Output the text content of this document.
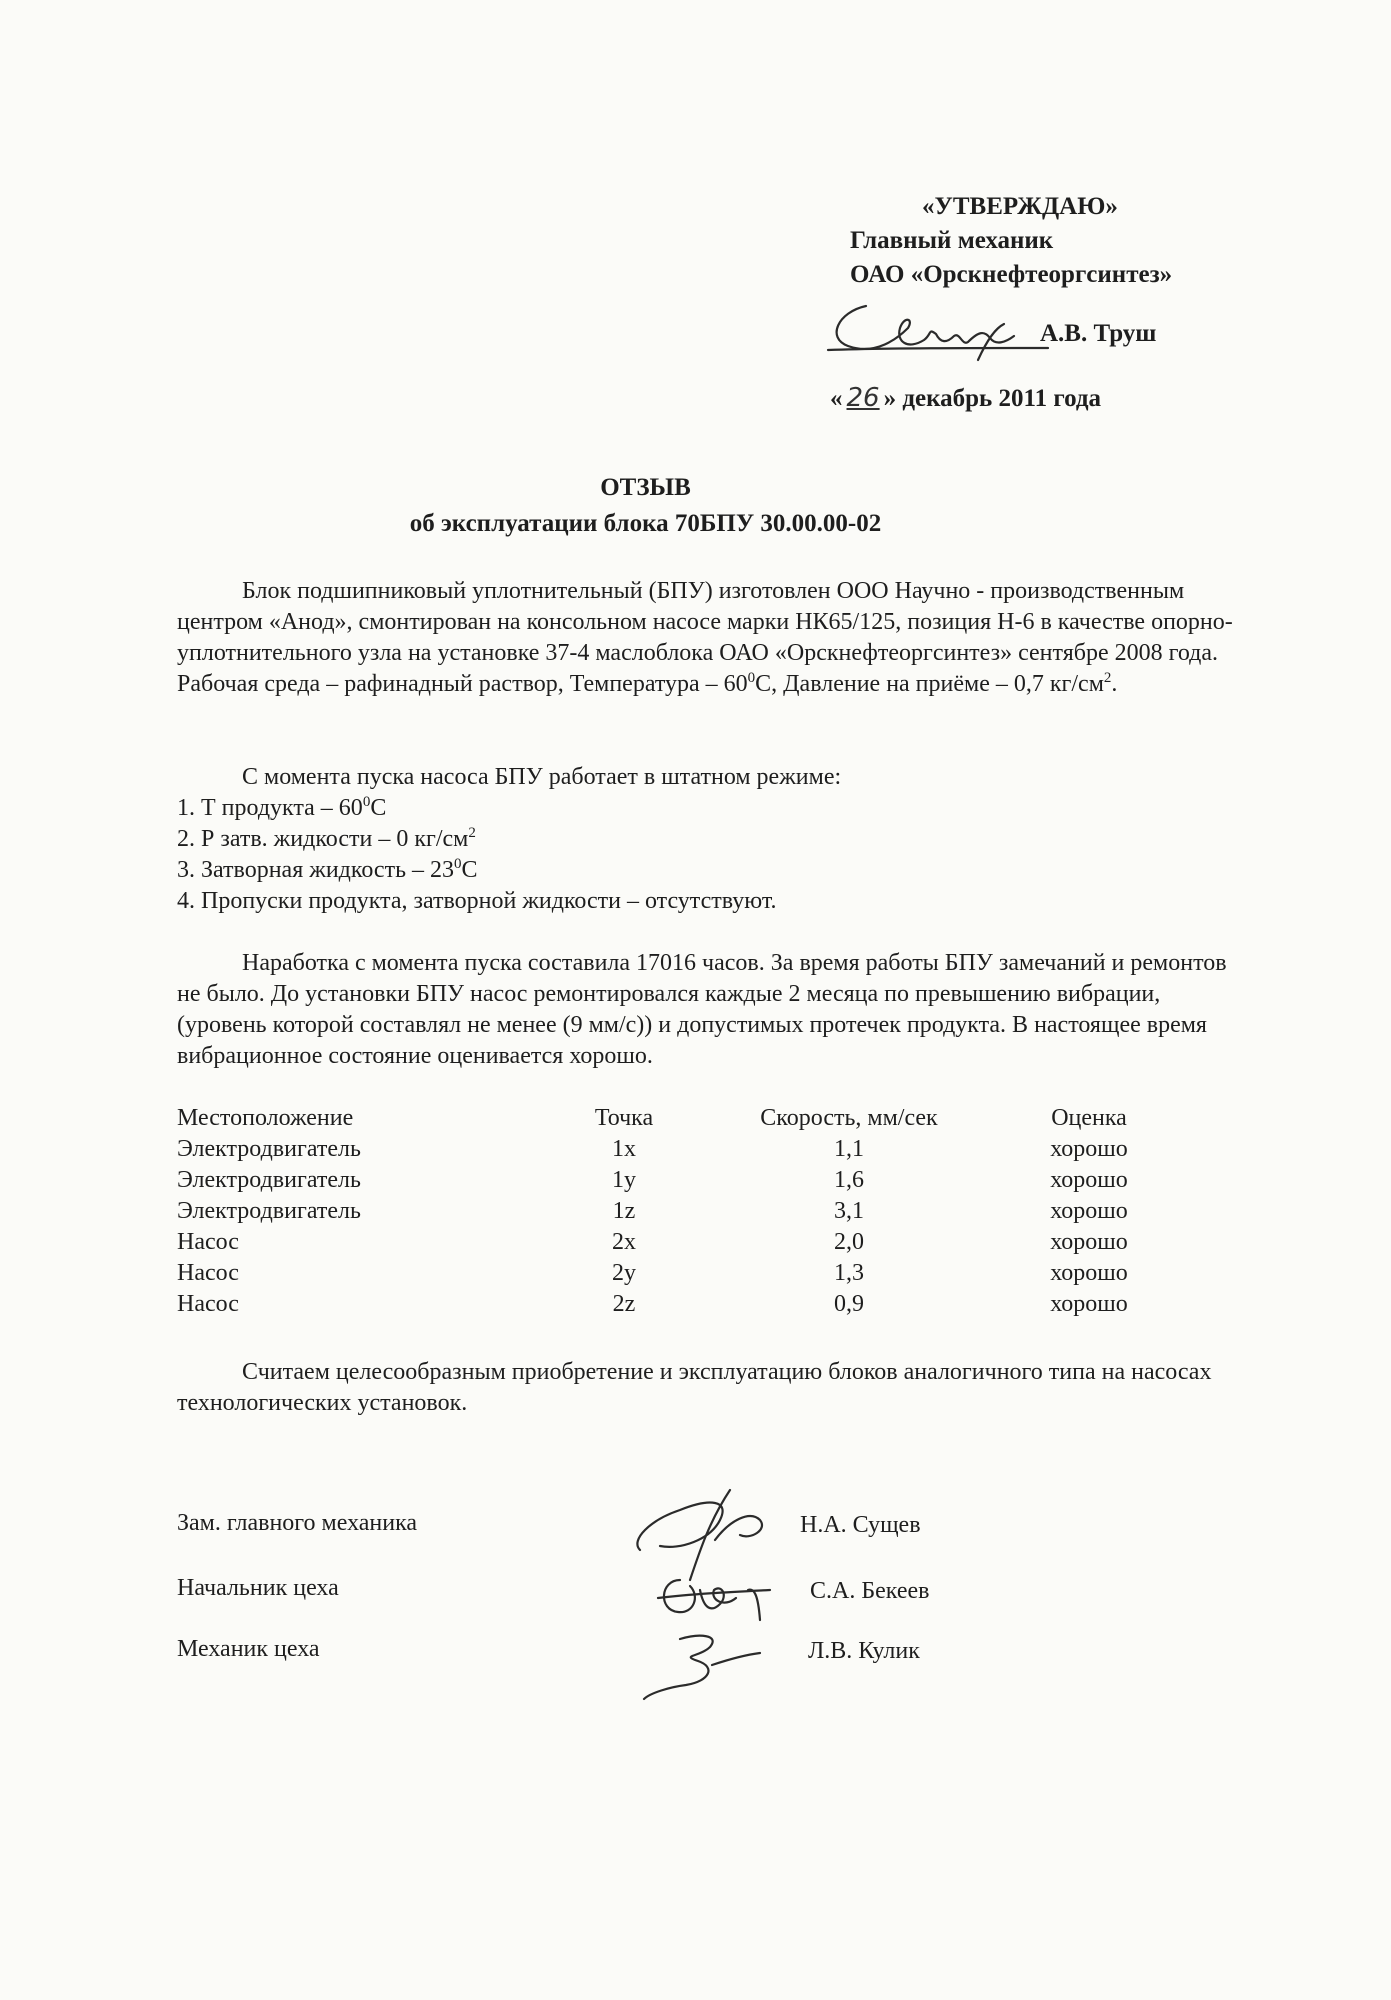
«УТВЕРЖДАЮ»
Главный механик
ОАО «Орскнефтеоргсинтез»
А.В. Труш
« 26 » декабрь 2011 года
ОТЗЫВ
об эксплуатации блока 70БПУ 30.00.00-02
Блок подшипниковый уплотнительный (БПУ) изготовлен ООО Научно - производственным центром «Анод», смонтирован на консольном насосе марки НК65/125, позиция Н-6 в качестве опорно-уплотнительного узла на установке 37-4 маслоблока ОАО «Орскнефтеоргсинтез» сентябре 2008 года. Рабочая среда – рафинадный раствор, Температура – $60^0С$, Давление на приёме – 0,7 $кг/см^2$.
С момента пуска насоса БПУ работает в штатном режиме:
1. Т продукта – $60^0С$
2. Р затв. жидкости – 0 $кг/см^2$
3. Затворная жидкость – $23^0С$
4. Пропуски продукта, затворной жидкости – отсутствуют.
Наработка с момента пуска составила 17016 часов. За время работы БПУ замечаний и ремонтов не было. До установки БПУ насос ремонтировался каждые 2 месяца по превышению вибрации, (уровень которой составлял не менее (9 мм/с)) и допустимых протечек продукта. В настоящее время вибрационное состояние оценивается хорошо.
Местоположение	Точка	Скорость, мм/сек	Оценка
Электродвигатель	1x	1,1	хорошо
Электродвигатель	1y	1,6	хорошо
Электродвигатель	1z	3,1	хорошо
Насос	2x	2,0	хорошо
Насос	2y	1,3	хорошо
Насос	2z	0,9	хорошо
Считаем целесообразным приобретение и эксплуатацию блоков аналогичного типа на насосах технологических установок.
Зам. главного механика	Н.А. Сущев
Начальник цеха	С.А. Бекеев
Механик цеха	Л.В. Кулик
